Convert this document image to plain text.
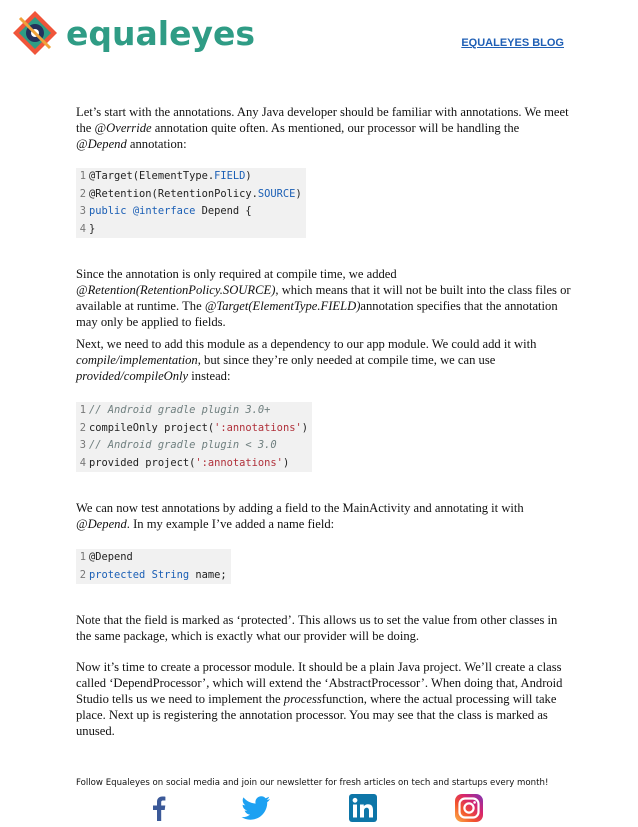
equaleyes	EQUALEYES BLOG

Let’s start with the annotations. Any Java developer should be familiar with annotations. We meet the @Override annotation quite often. As mentioned, our processor will be handling the @Depend annotation:

1 @Target(ElementType.FIELD)
2 @Retention(RetentionPolicy.SOURCE)
3 public @interface Depend {
4 }

Since the annotation is only required at compile time, we added @Retention(RetentionPolicy.SOURCE), which means that it will not be built into the class files or available at runtime. The @Target(ElementType.FIELD)annotation specifies that the annotation may only be applied to fields.

Next, we need to add this module as a dependency to our app module. We could add it with compile/implementation, but since they’re only needed at compile time, we can use provided/compileOnly instead:

1 // Android gradle plugin 3.0+
2 compileOnly project(':annotations')
3 // Android gradle plugin < 3.0
4 provided project(':annotations')

We can now test annotations by adding a field to the MainActivity and annotating it with @Depend. In my example I’ve added a name field:

1 @Depend
2 protected String name;

Note that the field is marked as ‘protected’. This allows us to set the value from other classes in the same package, which is exactly what our provider will be doing.

Now it’s time to create a processor module. It should be a plain Java project. We’ll create a class called ‘DependProcessor’, which will extend the ‘AbstractProcessor’. When doing that, Android Studio tells us we need to implement the processfunction, where the actual processing will take place. Next up is registering the annotation processor. You may see that the class is marked as unused.

Follow Equaleyes on social media and join our newsletter for fresh articles on tech and startups every month!
